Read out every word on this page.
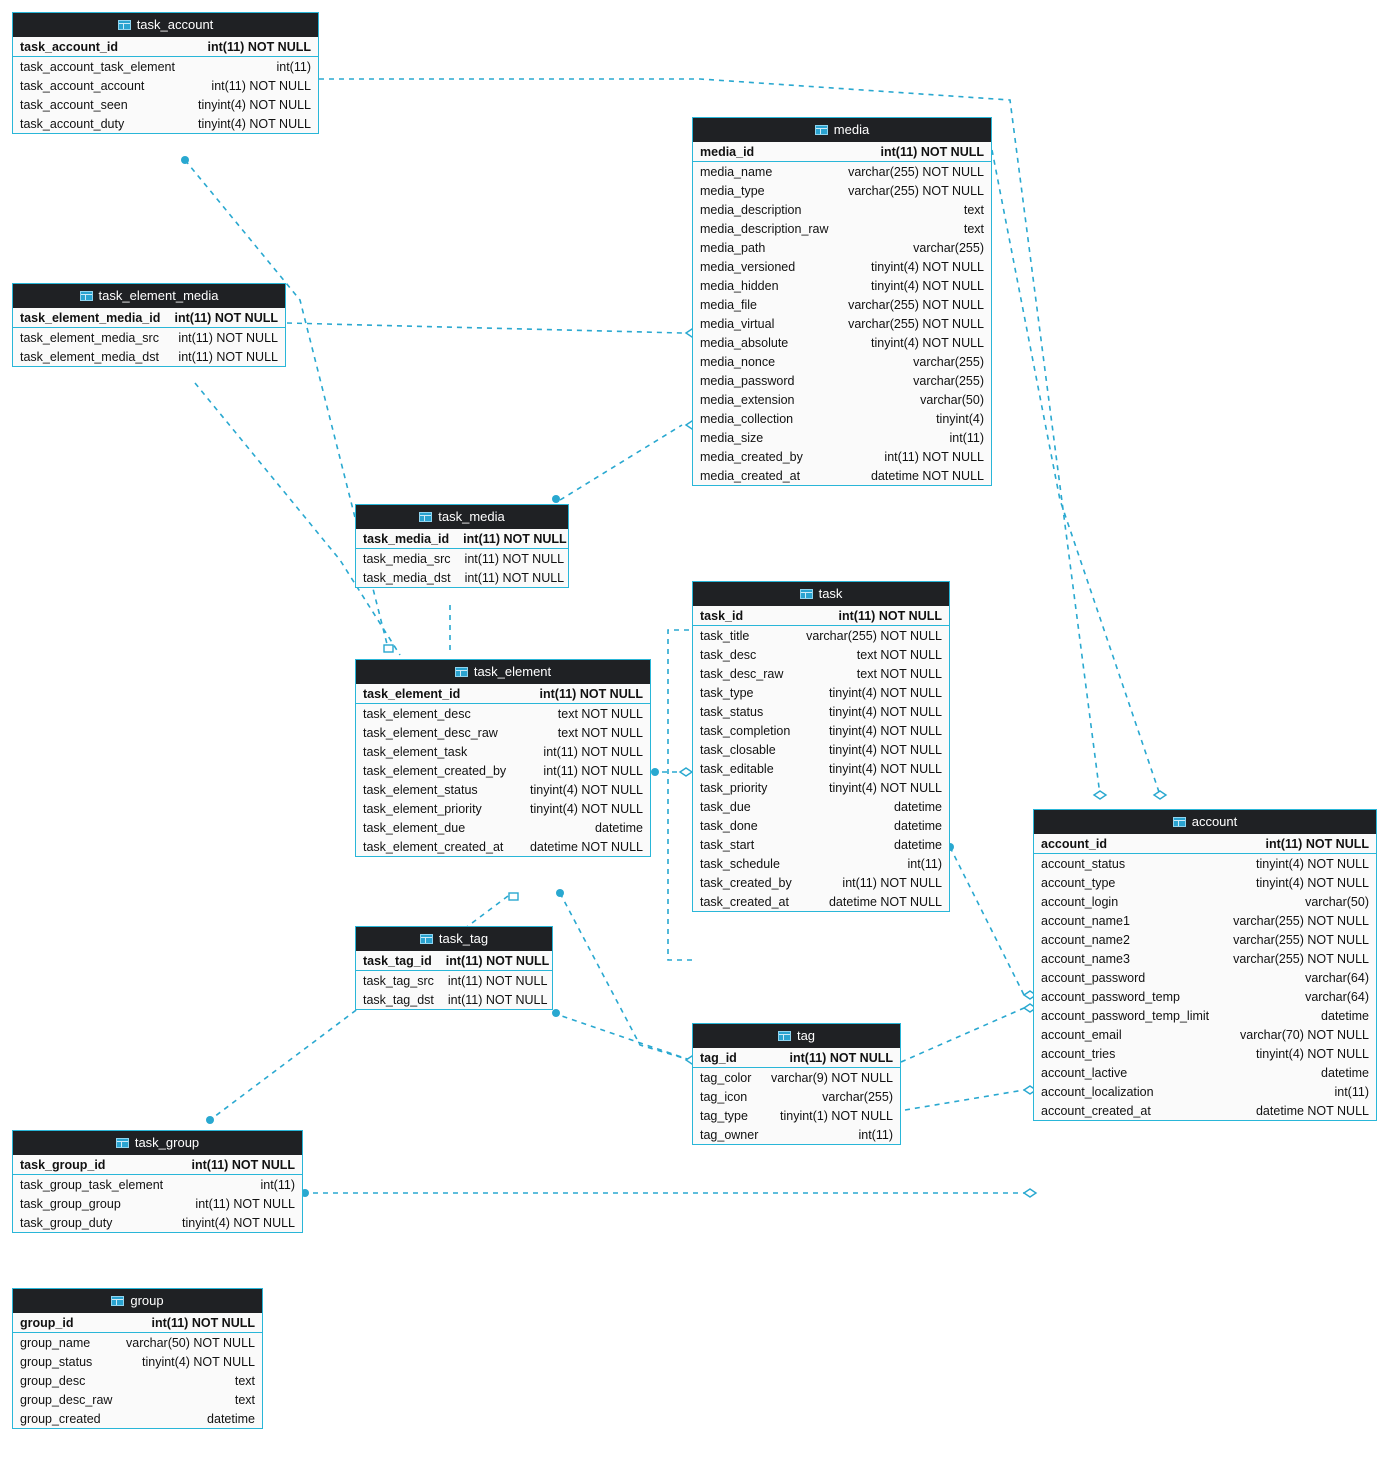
task_account
task_account_id	int(11) NOT NULL
task_account_task_element	int(11)
task_account_account	int(11) NOT NULL
task_account_seen	tinyint(4) NOT NULL
task_account_duty	tinyint(4) NOT NULL
task_element_media
task_element_media_id int(11) NOT NULL
task_element_media_src int(11) NOT NULL
task_element_media_dst int(11) NOT NULL
media
media_id	int(11) NOT NULL
media_name	varchar(255) NOT NULL
media_type	varchar(255) NOT NULL
media_description	text
media_description_raw	text
media_path	varchar(255)
media_versioned	tinyint(4) NOT NULL
media_hidden	tinyint(4) NOT NULL
media_file	varchar(255) NOT NULL
media_virtual	varchar(255) NOT NULL
media_absolute	tinyint(4) NOT NULL
media_nonce	varchar(255)
media_password	varchar(255)
media_extension	varchar(50)
media_collection	tinyint(4)
media_size	int(11)
media_created_by	int(11) NOT NULL
media_created_at	datetime NOT NULL
task_media
task_media_id int(11) NOT NULL
task_media_src int(11) NOT NULL
task_media_dst int(11) NOT NULL
task_element
task_element_id	int(11) NOT NULL
task_element_desc	text NOT NULL
task_element_desc_raw	text NOT NULL
task_element_task	int(11) NOT NULL
task_element_created_by	int(11) NOT NULL
task_element_status	tinyint(4) NOT NULL
task_element_priority	tinyint(4) NOT NULL
task_element_due	datetime
task_element_created_at datetime NOT NULL
task
task_id	int(11) NOT NULL
task_title	varchar(255) NOT NULL
task_desc	text NOT NULL
task_desc_raw	text NOT NULL
task_type	tinyint(4) NOT NULL
task_status	tinyint(4) NOT NULL
task_completion	tinyint(4) NOT NULL
task_closable	tinyint(4) NOT NULL
task_editable	tinyint(4) NOT NULL
task_priority	tinyint(4) NOT NULL
task_due	datetime
task_done	datetime
task_start	datetime
task_schedule	int(11)
task_created_by	int(11) NOT NULL
task_created_at	datetime NOT NULL
task_tag
task_tag_id int(11) NOT NULL
task_tag_src int(11) NOT NULL
task_tag_dst int(11) NOT NULL
tag
tag_id	int(11) NOT NULL
tag_color varchar(9) NOT NULL
tag_icon	varchar(255)
tag_type	tinyint(1) NOT NULL
tag_owner	int(11)
account
account_id	int(11) NOT NULL
account_status	tinyint(4) NOT NULL
account_type	tinyint(4) NOT NULL
account_login	varchar(50)
account_name1	varchar(255) NOT NULL
account_name2	varchar(255) NOT NULL
account_name3	varchar(255) NOT NULL
account_password	varchar(64)
account_password_temp	varchar(64)
account_password_temp_limit	datetime
account_email	varchar(70) NOT NULL
account_tries	tinyint(4) NOT NULL
account_lactive	datetime
account_localization	int(11)
account_created_at	datetime NOT NULL
task_group
task_group_id	int(11) NOT NULL
task_group_task_element	int(11)
task_group_group	int(11) NOT NULL
task_group_duty	tinyint(4) NOT NULL
group
group_id	int(11) NOT NULL
group_name	varchar(50) NOT NULL
group_status	tinyint(4) NOT NULL
group_desc	text
group_desc_raw	text
group_created	datetime
